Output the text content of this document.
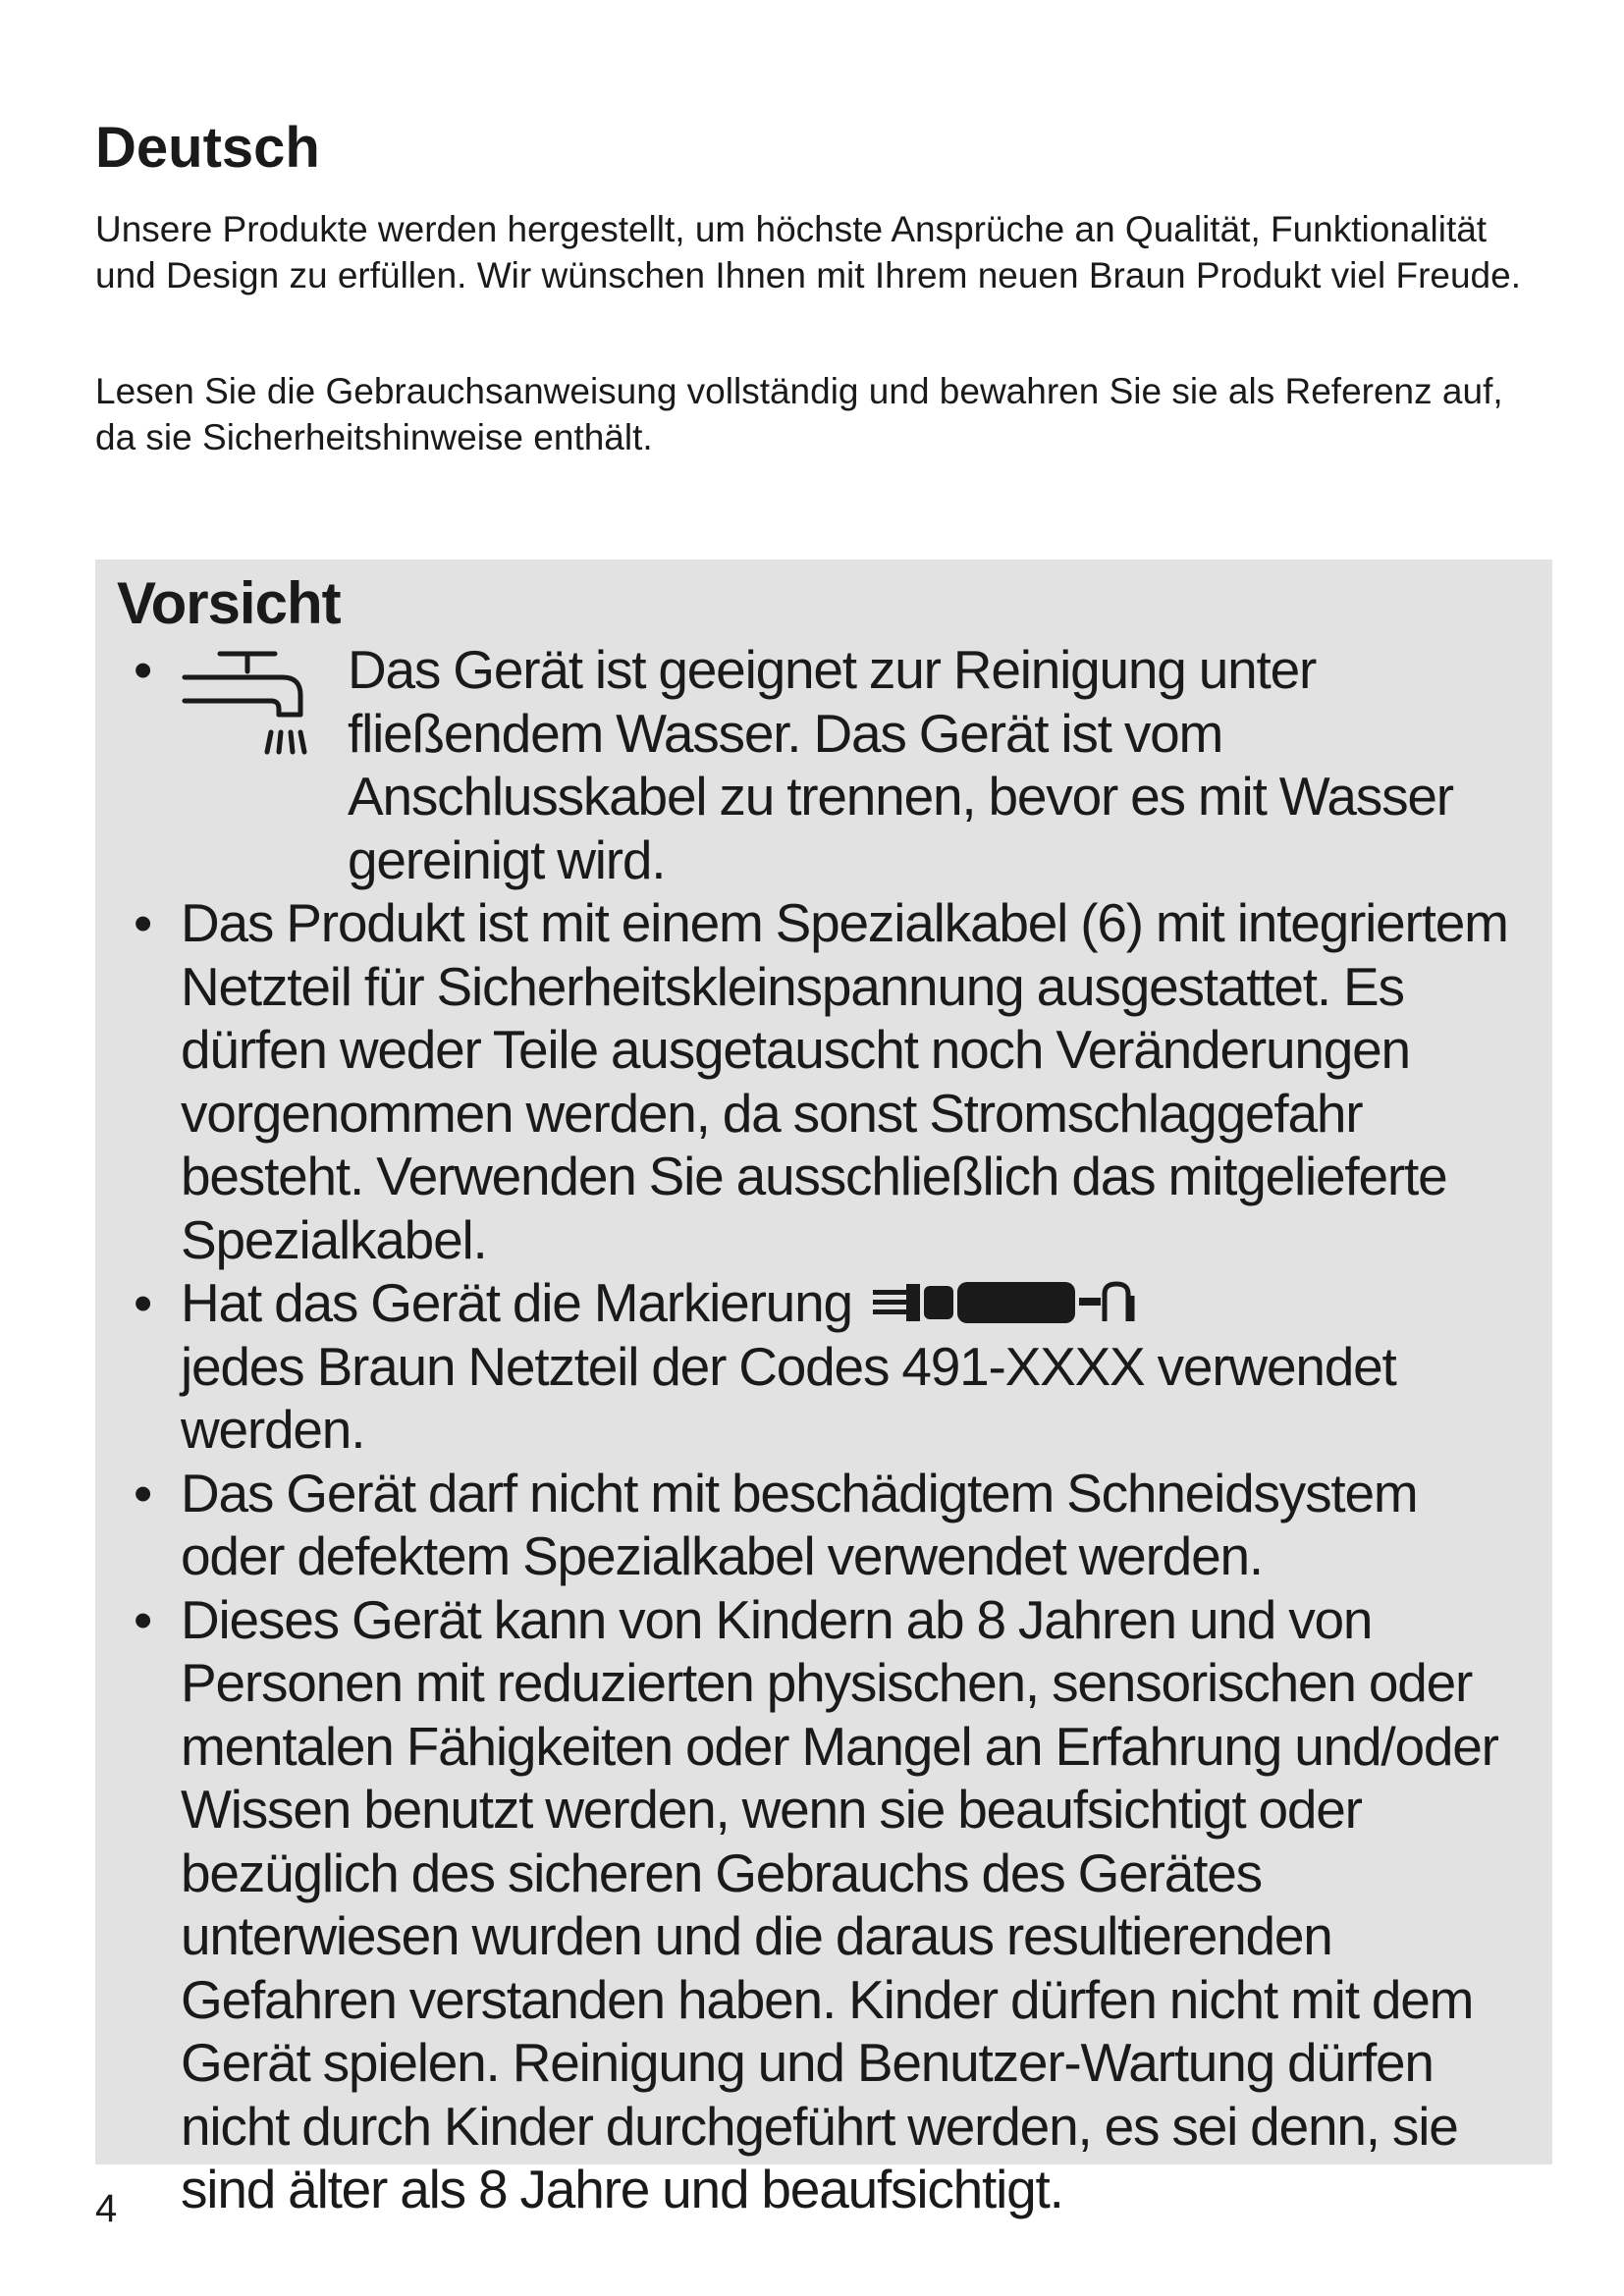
Deutsch

Unsere Produkte werden hergestellt, um höchste Ansprüche an Qualität, Funktionalität und Design zu erfüllen. Wir wünschen Ihnen mit Ihrem neuen Braun Produkt viel Freude.

Lesen Sie die Gebrauchsanweisung vollständig und bewahren Sie sie als Referenz auf, da sie Sicherheitshinweise enthält.

Vorsicht
•	Das Gerät ist geeignet zur Reinigung unter fließendem Wasser. Das Gerät ist vom Anschlusskabel zu trennen, bevor es mit Wasser gereinigt wird.
• Das Produkt ist mit einem Spezialkabel (6) mit integriertem Netzteil für Sicherheitskleinspannung ausgestattet. Es dürfen weder Teile ausgetauscht noch Veränderungen vorgenommen werden, da sonst Stromschlaggefahr besteht. Verwenden Sie ausschließlich das mitgelieferte Spezialkabel.
• Hat das Gerät die Markierung
jedes Braun Netzteil der Codes 491-XXXX verwendet werden.
• Das Gerät darf nicht mit beschädigtem Schneidsystem oder defektem Spezialkabel verwendet werden.
• Dieses Gerät kann von Kindern ab 8 Jahren und von Personen mit reduzierten physischen, sensorischen oder mentalen Fähigkeiten oder Mangel an Erfahrung und/oder Wissen benutzt werden, wenn sie beaufsichtigt oder bezüglich des sicheren Gebrauchs des Gerätes unterwiesen wurden und die daraus resultierenden Gefahren verstanden haben. Kinder dürfen nicht mit dem Gerät spielen. Reinigung und Benutzer-Wartung dürfen nicht durch Kinder durchgeführt werden, es sei denn, sie sind älter als 8 Jahre und beaufsichtigt.

4
